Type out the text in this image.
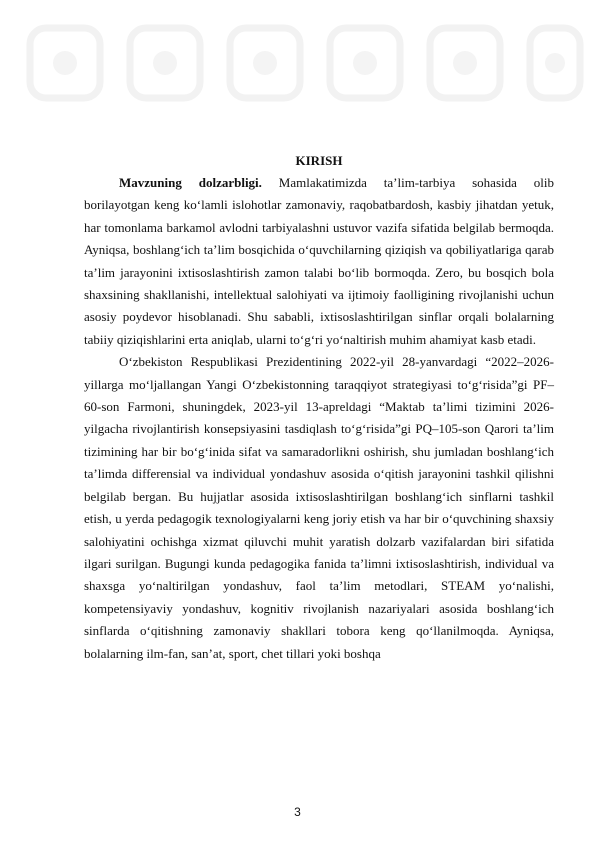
KIRISH

Mavzuning dolzarbligi. Mamlakatimizda ta’lim-tarbiya sohasida olib borilayotgan keng ko‘lamli islohotlar zamonaviy, raqobatbardosh, kasbiy jihatdan yetuk, har tomonlama barkamol avlodni tarbiyalashni ustuvor vazifa sifatida belgilab bermoqda. Ayniqsa, boshlang‘ich ta’lim bosqichida o‘quvchilarning qiziqish va qobiliyatlariga qarab ta’lim jarayonini ixtisoslashtirish zamon talabi bo‘lib bormoqda. Zero, bu bosqich bola shaxsining shakllanishi, intellektual salohiyati va ijtimoiy faolligining rivojlanishi uchun asosiy poydevor hisoblanadi. Shu sababli, ixtisoslashtirilgan sinflar orqali bolalarning tabiiy qiziqishlarini erta aniqlab, ularni to‘g‘ri yo‘naltirish muhim ahamiyat kasb etadi.

O‘zbekiston Respublikasi Prezidentining 2022-yil 28-yanvardagi “2022–2026-yillarga mo‘ljallangan Yangi O‘zbekistonning taraqqiyot strategiyasi to‘g‘risida”gi PF–60-son Farmoni, shuningdek, 2023-yil 13-apreldagi “Maktab ta’limi tizimini 2026-yilgacha rivojlantirish konsepsiyasini tasdiqlash to‘g‘risida”gi PQ–105-son Qarori ta’lim tizimining har bir bo‘g‘inida sifat va samaradorlikni oshirish, shu jumladan boshlang‘ich ta’limda differensial va individual yondashuv asosida o‘qitish jarayonini tashkil qilishni belgilab bergan. Bu hujjatlar asosida ixtisoslashtirilgan boshlang‘ich sinflarni tashkil etish, u yerda pedagogik texnologiyalarni keng joriy etish va har bir o‘quvchining shaxsiy salohiyatini ochishga xizmat qiluvchi muhit yaratish dolzarb vazifalardan biri sifatida ilgari surilgan. Bugungi kunda pedagogika fanida ta’limni ixtisoslashtirish, individual va shaxsga yo‘naltirilgan yondashuv, faol ta’lim metodlari, STEAM yo‘nalishi, kompetensiyaviy yondashuv, kognitiv rivojlanish nazariyalari asosida boshlang‘ich sinflarda o‘qitishning zamonaviy shakllari tobora keng qo‘llanilmoqda. Ayniqsa, bolalarning ilm-fan, san’at, sport, chet tillari yoki boshqa

3
